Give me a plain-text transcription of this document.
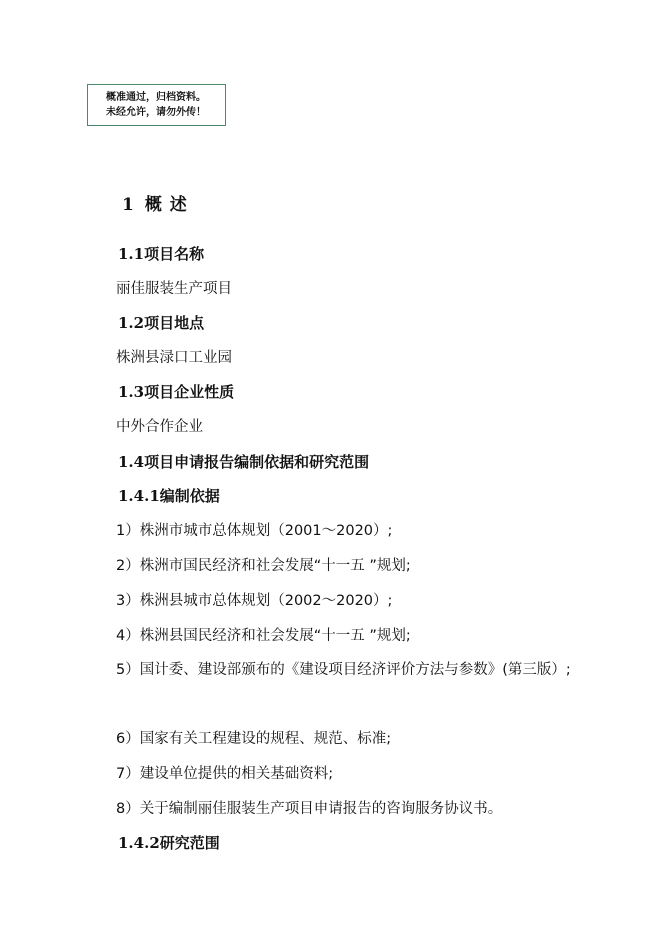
概准通过，归档资料。
未经允许，请勿外传！
1 概 述
1.1项目名称
丽佳服装生产项目
1.2项目地点
株洲县渌口工业园
1.3项目企业性质
中外合作企业
1.4项目申请报告编制依据和研究范围
1.4.1编制依据
1）株洲市城市总体规划（2001～2020）;
2）株洲市国民经济和社会发展“十一五 ”规划;
3）株洲县城市总体规划（2002～2020）;
4）株洲县国民经济和社会发展“十一五 ”规划;
5）国计委、建设部颁布的《建设项目经济评价方法与参数》(第三版）;
6）国家有关工程建设的规程、规范、标准;
7）建设单位提供的相关基础资料;
8）关于编制丽佳服装生产项目申请报告的咨询服务协议书。
1.4.2研究范围
